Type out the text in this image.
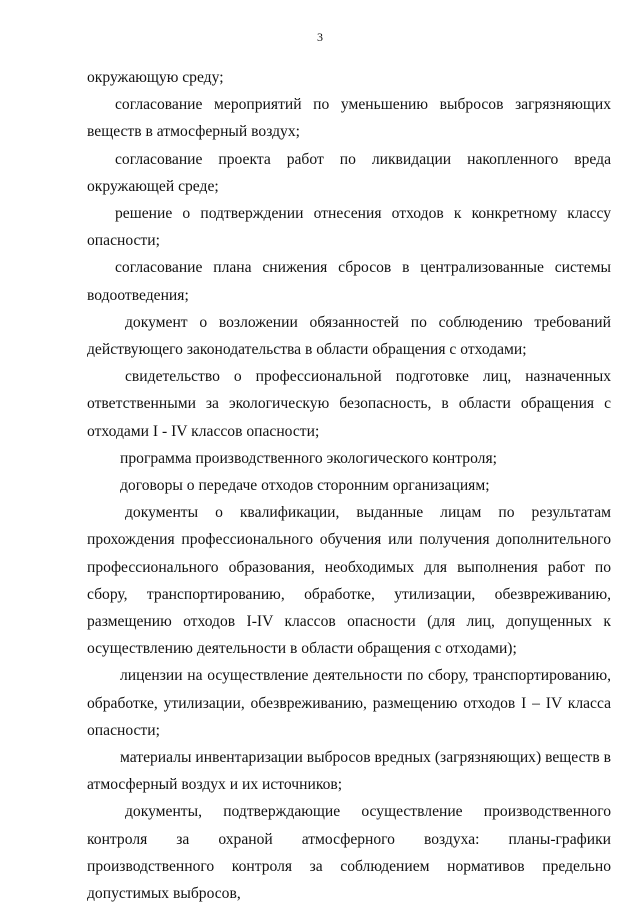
3

окружающую среду;

согласование мероприятий по уменьшению выбросов загрязняющих веществ в атмосферный воздух;

согласование проекта работ по ликвидации накопленного вреда окружающей среде;

решение о подтверждении отнесения отходов к конкретному классу опасности;

согласование плана снижения сбросов в централизованные системы водоотведения;

документ о возложении обязанностей по соблюдению требований действующего законодательства в области обращения с отходами;

свидетельство о профессиональной подготовке лиц, назначенных ответственными за экологическую безопасность, в области обращения с отходами I - IV классов опасности;

программа производственного экологического контроля;

договоры о передаче отходов сторонним организациям;

документы о квалификации, выданные лицам по результатам прохождения профессионального обучения или получения дополнительного профессионального образования, необходимых для выполнения работ по сбору, транспортированию, обработке, утилизации, обезвреживанию, размещению отходов I-IV классов опасности (для лиц, допущенных к осуществлению деятельности в области обращения с отходами);

лицензии на осуществление деятельности по сбору, транспортированию, обработке, утилизации, обезвреживанию, размещению отходов I – IV класса опасности;

материалы инвентаризации выбросов вредных (загрязняющих) веществ в атмосферный воздух и их источников;

документы, подтверждающие осуществление производственного контроля за охраной атмосферного воздуха: планы-графики производственного контроля за соблюдением нормативов предельно допустимых выбросов,
